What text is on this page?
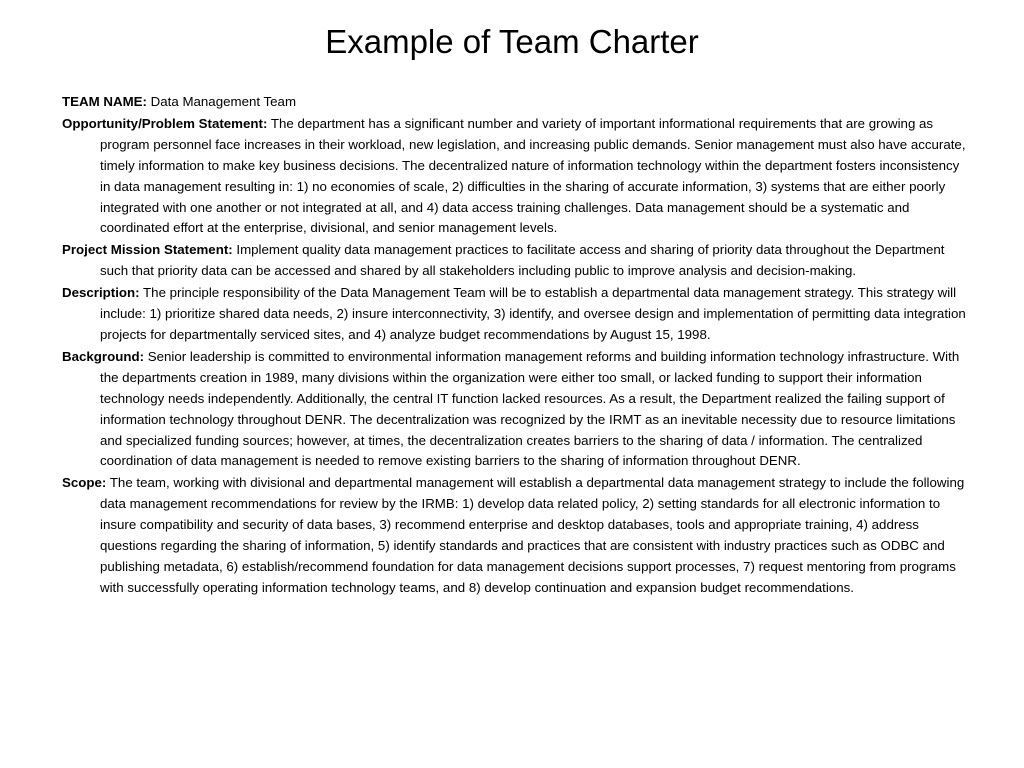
Example of Team Charter

TEAM NAME: Data Management Team

Opportunity/Problem Statement: The department has a significant number and variety of important informational requirements that are growing as program personnel face increases in their workload, new legislation, and increasing public demands. Senior management must also have accurate, timely information to make key business decisions. The decentralized nature of information technology within the department fosters inconsistency in data management resulting in: 1) no economies of scale, 2) difficulties in the sharing of accurate information, 3) systems that are either poorly integrated with one another or not integrated at all, and 4) data access training challenges. Data management should be a systematic and coordinated effort at the enterprise, divisional, and senior management levels.

Project Mission Statement: Implement quality data management practices to facilitate access and sharing of priority data throughout the Department such that priority data can be accessed and shared by all stakeholders including public to improve analysis and decision-making.

Description: The principle responsibility of the Data Management Team will be to establish a departmental data management strategy. This strategy will include: 1) prioritize shared data needs, 2) insure interconnectivity, 3) identify, and oversee design and implementation of permitting data integration projects for departmentally serviced sites, and 4) analyze budget recommendations by August 15, 1998.

Background: Senior leadership is committed to environmental information management reforms and building information technology infrastructure. With the departments creation in 1989, many divisions within the organization were either too small, or lacked funding to support their information technology needs independently. Additionally, the central IT function lacked resources. As a result, the Department realized the failing support of information technology throughout DENR. The decentralization was recognized by the IRMT as an inevitable necessity due to resource limitations and specialized funding sources; however, at times, the decentralization creates barriers to the sharing of data / information. The centralized coordination of data management is needed to remove existing barriers to the sharing of information throughout DENR.

Scope: The team, working with divisional and departmental management will establish a departmental data management strategy to include the following data management recommendations for review by the IRMB: 1) develop data related policy, 2) setting standards for all electronic information to insure compatibility and security of data bases, 3) recommend enterprise and desktop databases, tools and appropriate training, 4) address questions regarding the sharing of information, 5) identify standards and practices that are consistent with industry practices such as ODBC and publishing metadata, 6) establish/recommend foundation for data management decisions support processes, 7) request mentoring from programs with successfully operating information technology teams, and 8) develop continuation and expansion budget recommendations.
